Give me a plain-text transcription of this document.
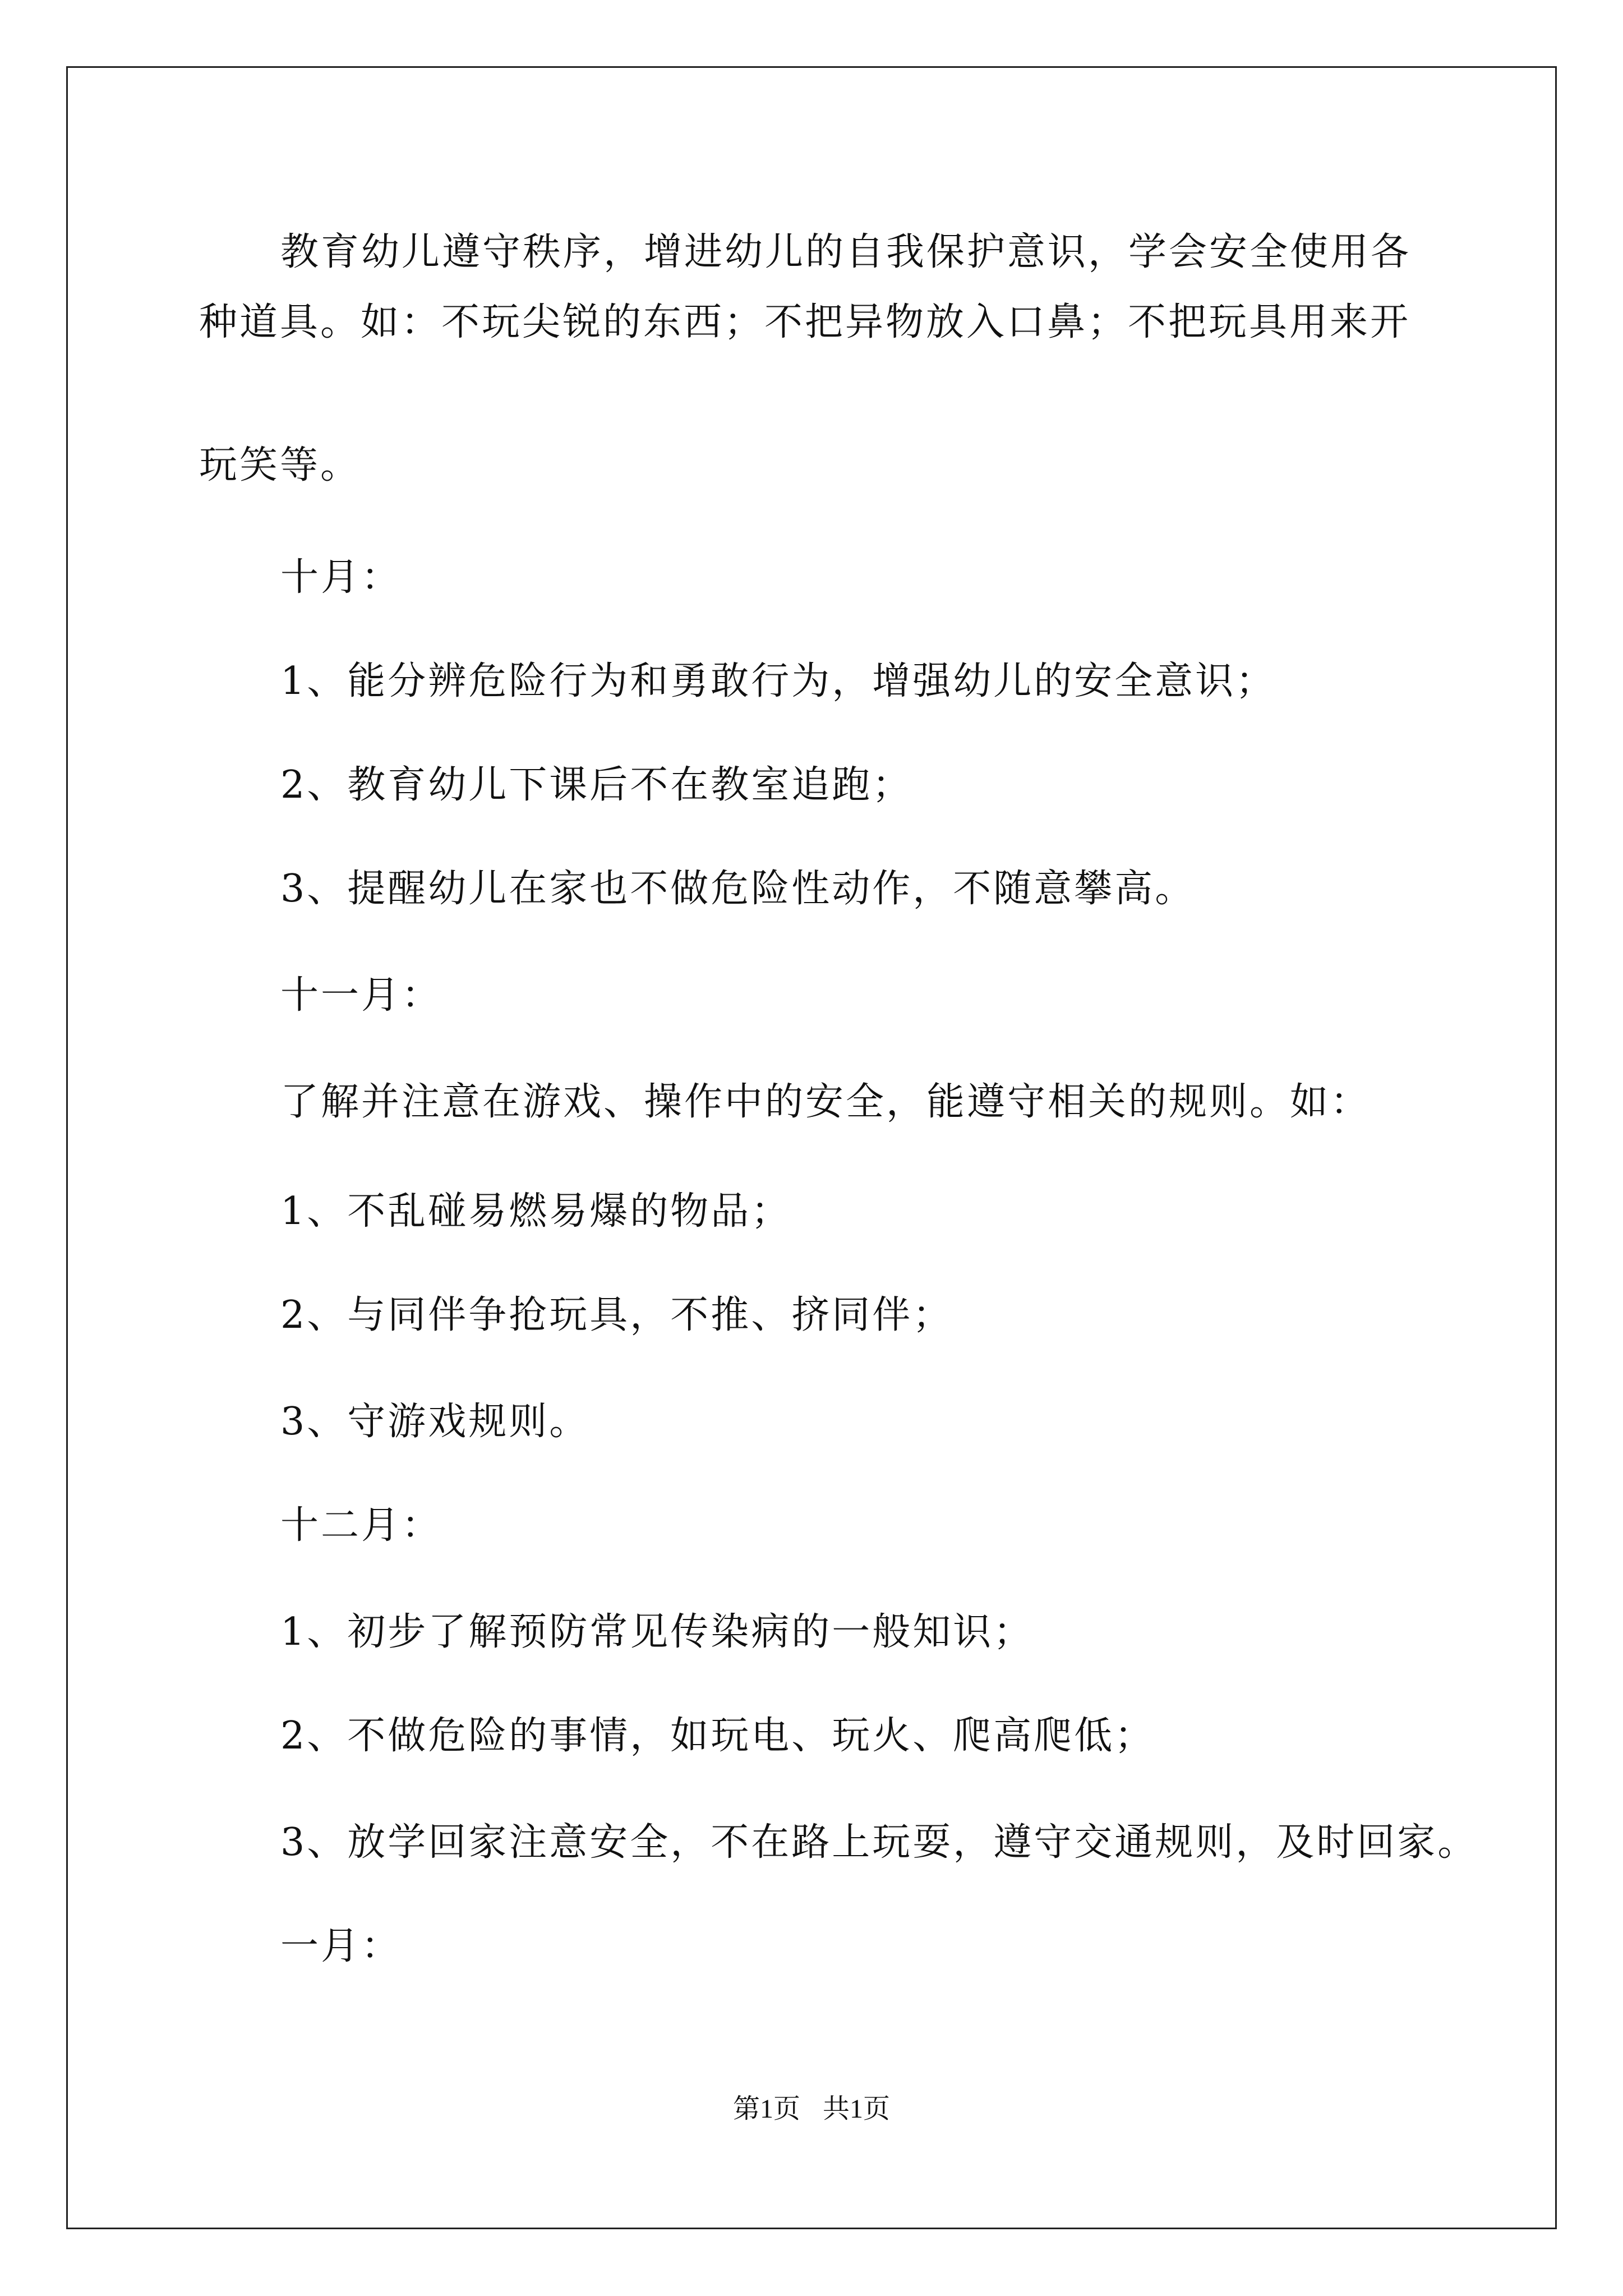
教育幼儿遵守秩序，增进幼儿的自我保护意识，学会安全使用各
种道具。如：不玩尖锐的东西；不把异物放入口鼻；不把玩具用来开
玩笑等。
十月：
1、能分辨危险行为和勇敢行为，增强幼儿的安全意识；
2、教育幼儿下课后不在教室追跑；
3、提醒幼儿在家也不做危险性动作，不随意攀高。
十一月：
了解并注意在游戏、操作中的安全，能遵守相关的规则。如：
1、不乱碰易燃易爆的物品；
2、与同伴争抢玩具，不推、挤同伴；
3、守游戏规则。
十二月：
1、初步了解预防常见传染病的一般知识；
2、不做危险的事情，如玩电、玩火、爬高爬低；
3、放学回家注意安全，不在路上玩耍，遵守交通规则，及时回家。
一月：
第1页 共1页
